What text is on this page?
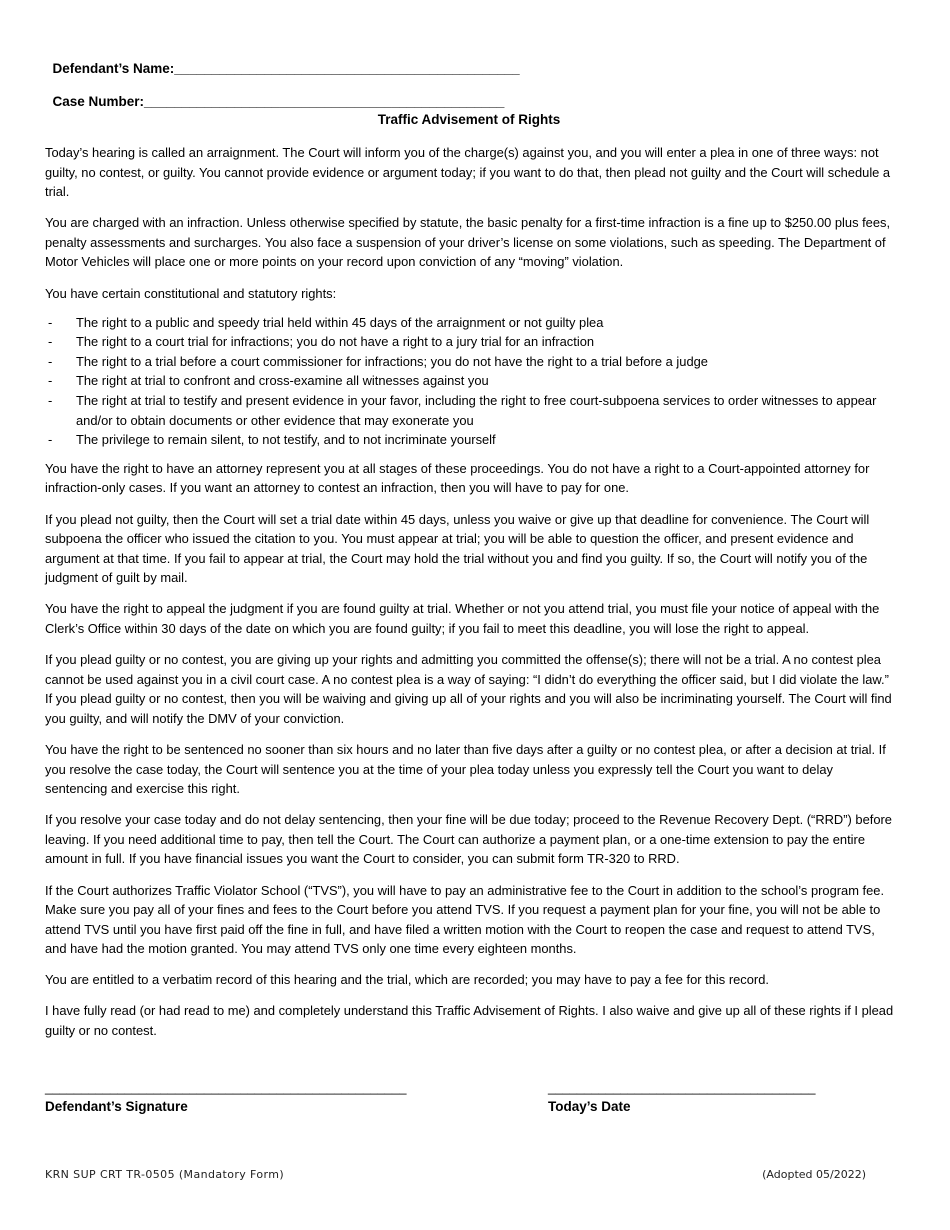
Defendant’s Name:______________________________________________

Case Number:________________________________________________

Traffic Advisement of Rights

Today’s hearing is called an arraignment. The Court will inform you of the charge(s) against you, and you will enter a plea in one of three ways: not guilty, no contest, or guilty. You cannot provide evidence or argument today; if you want to do that, then plead not guilty and the Court will schedule a trial.

You are charged with an infraction. Unless otherwise specified by statute, the basic penalty for a first-time infraction is a fine up to $250.00 plus fees, penalty assessments and surcharges. You also face a suspension of your driver’s license on some violations, such as speeding. The Department of Motor Vehicles will place one or more points on your record upon conviction of any “moving” violation.

You have certain constitutional and statutory rights:

- The right to a public and speedy trial held within 45 days of the arraignment or not guilty plea
- The right to a court trial for infractions; you do not have a right to a jury trial for an infraction
- The right to a trial before a court commissioner for infractions; you do not have the right to a trial before a judge
- The right at trial to confront and cross-examine all witnesses against you
- The right at trial to testify and present evidence in your favor, including the right to free court-subpoena services to order witnesses to appear and/or to obtain documents or other evidence that may exonerate you
- The privilege to remain silent, to not testify, and to not incriminate yourself

You have the right to have an attorney represent you at all stages of these proceedings. You do not have a right to a Court-appointed attorney for infraction-only cases. If you want an attorney to contest an infraction, then you will have to pay for one.

If you plead not guilty, then the Court will set a trial date within 45 days, unless you waive or give up that deadline for convenience. The Court will subpoena the officer who issued the citation to you. You must appear at trial; you will be able to question the officer, and present evidence and argument at that time. If you fail to appear at trial, the Court may hold the trial without you and find you guilty. If so, the Court will notify you of the judgment of guilt by mail.

You have the right to appeal the judgment if you are found guilty at trial. Whether or not you attend trial, you must file your notice of appeal with the Clerk’s Office within 30 days of the date on which you are found guilty; if you fail to meet this deadline, you will lose the right to appeal.

If you plead guilty or no contest, you are giving up your rights and admitting you committed the offense(s); there will not be a trial. A no contest plea cannot be used against you in a civil court case. A no contest plea is a way of saying: “I didn’t do everything the officer said, but I did violate the law.” If you plead guilty or no contest, then you will be waiving and giving up all of your rights and you will also be incriminating yourself. The Court will find you guilty, and will notify the DMV of your conviction.

You have the right to be sentenced no sooner than six hours and no later than five days after a guilty or no contest plea, or after a decision at trial. If you resolve the case today, the Court will sentence you at the time of your plea today unless you expressly tell the Court you want to delay sentencing and exercise this right.

If you resolve your case today and do not delay sentencing, then your fine will be due today; proceed to the Revenue Recovery Dept. (“RRD”) before leaving. If you need additional time to pay, then tell the Court. The Court can authorize a payment plan, or a one-time extension to pay the entire amount in full. If you have financial issues you want the Court to consider, you can submit form TR-320 to RRD.

If the Court authorizes Traffic Violator School (“TVS”), you will have to pay an administrative fee to the Court in addition to the school’s program fee. Make sure you pay all of your fines and fees to the Court before you attend TVS. If you request a payment plan for your fine, you will not be able to attend TVS until you have first paid off the fine in full, and have filed a written motion with the Court to reopen the case and request to attend TVS, and have had the motion granted. You may attend TVS only one time every eighteen months.

You are entitled to a verbatim record of this hearing and the trial, which are recorded; you may have to pay a fee for this record.

I have fully read (or had read to me) and completely understand this Traffic Advisement of Rights. I also waive and give up all of these rights if I plead guilty or no contest.

__________________________________________________
Defendant’s Signature
_____________________________________
Today’s Date
KRN SUP CRT TR-0505 (Mandatory Form)	(Adopted 05/2022)
